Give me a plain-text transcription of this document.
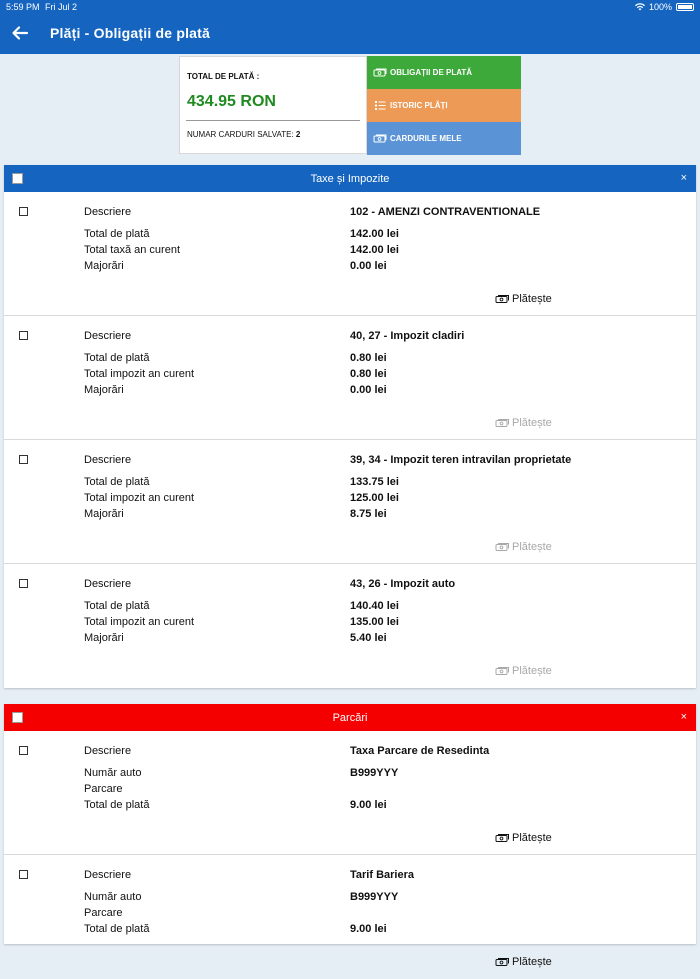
5:59 PM Fri Jul 2	100%
Plăți - Obligații de plată
TOTAL DE PLATĂ :
434.95 RON
NUMAR CARDURI SALVATE: 2
OBLIGAȚII DE PLATĂ
ISTORIC PLĂȚI
CARDURILE MELE
Taxe și Impozite	×
Descriere	102 - AMENZI CONTRAVENTIONALE
Total de plată	142.00 lei
Total taxă an curent	142.00 lei
Majorări	0.00 lei
Plătește
Descriere	40, 27 - Impozit cladiri
Total de plată	0.80 lei
Total impozit an curent	0.80 lei
Majorări	0.00 lei
Plătește
Descriere	39, 34 - Impozit teren intravilan proprietate
Total de plată	133.75 lei
Total impozit an curent	125.00 lei
Majorări	8.75 lei
Plătește
Descriere	43, 26 - Impozit auto
Total de plată	140.40 lei
Total impozit an curent	135.00 lei
Majorări	5.40 lei
Plătește
Parcări	×
Descriere	Taxa Parcare de Resedinta
Număr auto	B999YYY
Parcare
Total de plată	9.00 lei
Plătește
Descriere	Tarif Bariera
Număr auto	B999YYY
Parcare
Total de plată	9.00 lei
Plătește
